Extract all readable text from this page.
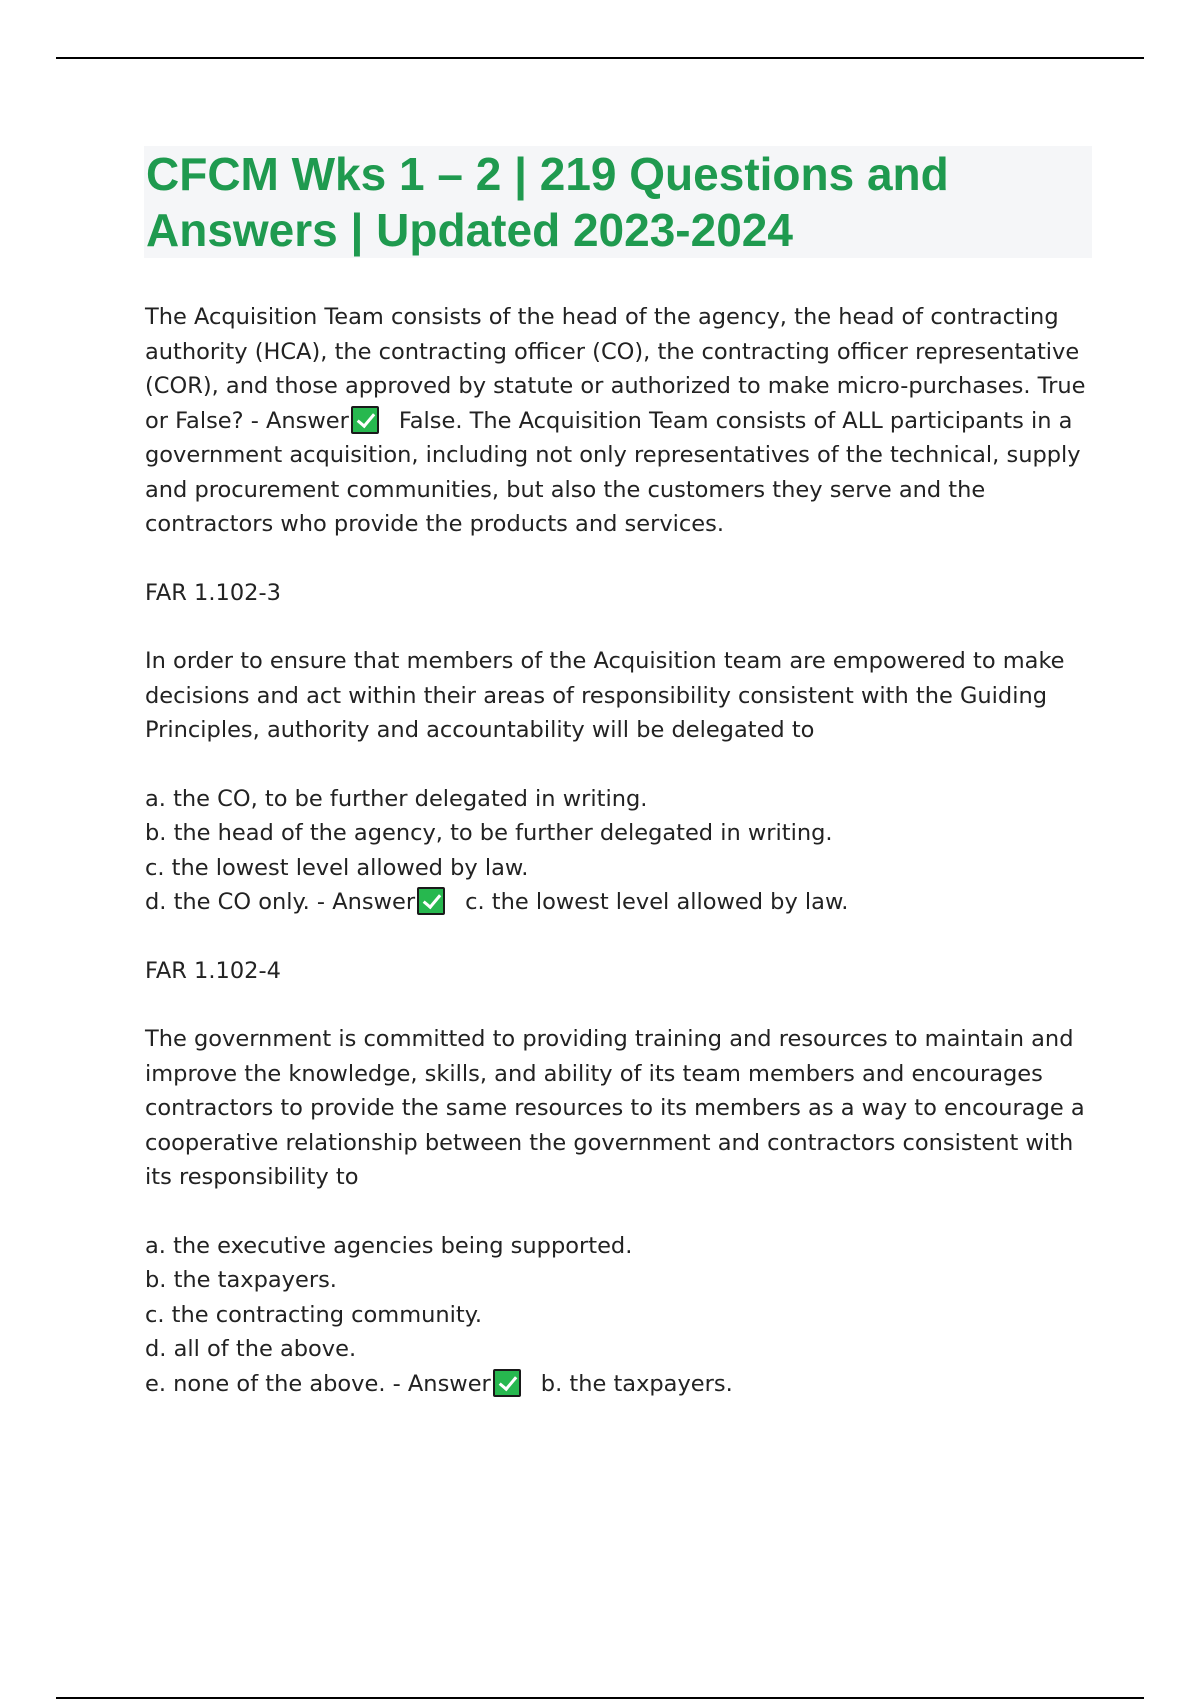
CFCM Wks 1 – 2 | 219 Questions and Answers | Updated 2023-2024

The Acquisition Team consists of the head of the agency, the head of contracting authority (HCA), the contracting officer (CO), the contracting officer representative (COR), and those approved by statute or authorized to make micro-purchases. True or False? - Answer False. The Acquisition Team consists of ALL participants in a government acquisition, including not only representatives of the technical, supply and procurement communities, but also the customers they serve and the contractors who provide the products and services.

FAR 1.102-3

In order to ensure that members of the Acquisition team are empowered to make decisions and act within their areas of responsibility consistent with the Guiding Principles, authority and accountability will be delegated to

a. the CO, to be further delegated in writing.
b. the head of the agency, to be further delegated in writing.
c. the lowest level allowed by law.
d. the CO only. - Answer c. the lowest level allowed by law.

FAR 1.102-4

The government is committed to providing training and resources to maintain and improve the knowledge, skills, and ability of its team members and encourages contractors to provide the same resources to its members as a way to encourage a cooperative relationship between the government and contractors consistent with its responsibility to

a. the executive agencies being supported.
b. the taxpayers.
c. the contracting community.
d. all of the above.
e. none of the above. - Answer b. the taxpayers.
